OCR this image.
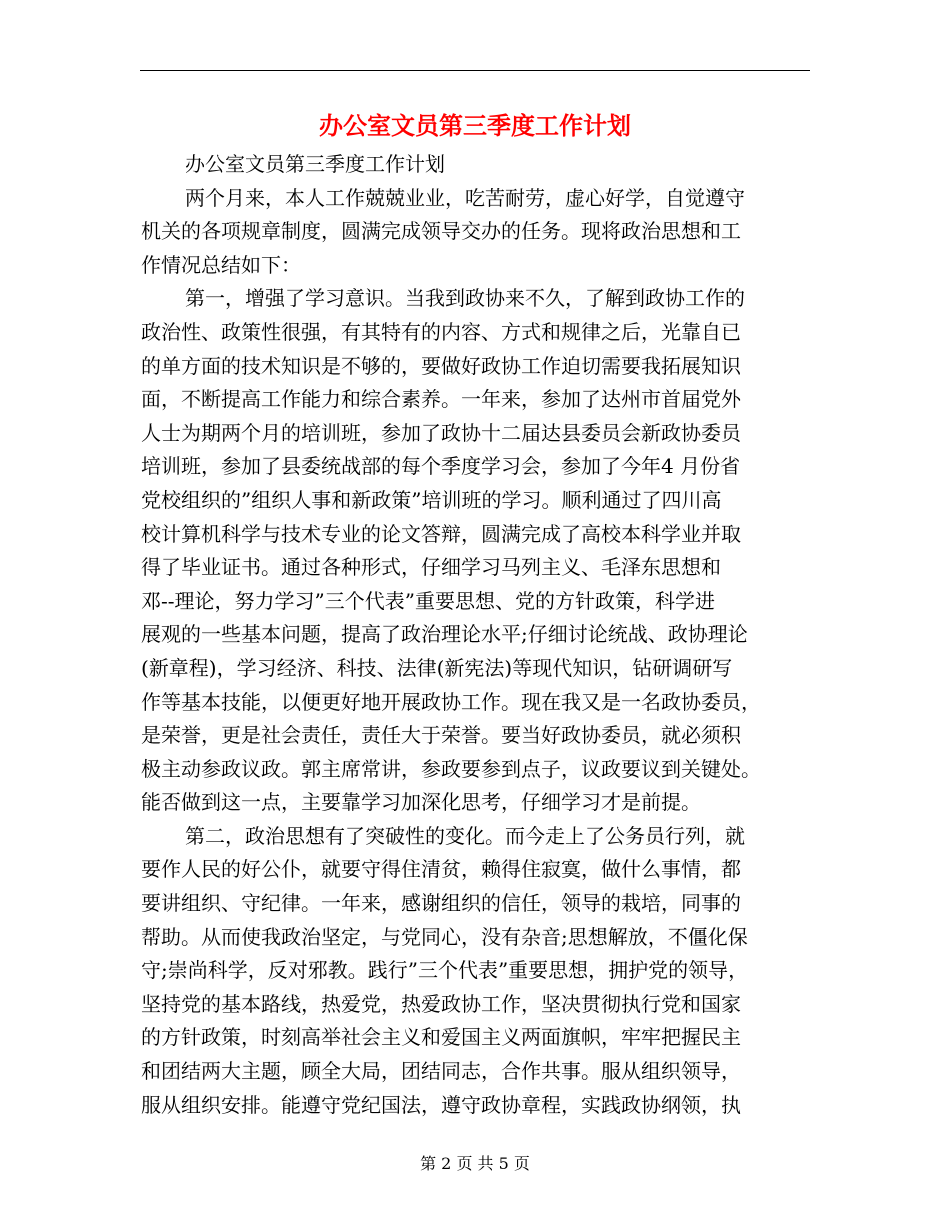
办公室文员第三季度工作计划
办公室文员第三季度工作计划
两个月来，本人工作兢兢业业，吃苦耐劳，虚心好学，自觉遵守
机关的各项规章制度，圆满完成领导交办的任务。现将政治思想和工
作情况总结如下：
第一，增强了学习意识。当我到政协来不久，了解到政协工作的
政治性、政策性很强，有其特有的内容、方式和规律之后，光靠自已
的单方面的技术知识是不够的，要做好政协工作迫切需要我拓展知识
面，不断提高工作能力和综合素养。一年来，参加了达州市首届党外
人士为期两个月的培训班，参加了政协十二届达县委员会新政协委员
培训班，参加了县委统战部的每个季度学习会，参加了今年4 月份省
党校组织的”组织人事和新政策”培训班的学习。顺利通过了四川高
校计算机科学与技术专业的论文答辩，圆满完成了高校本科学业并取
得了毕业证书。通过各种形式，仔细学习马列主义、毛泽东思想和
邓--理论，努力学习”三个代表”重要思想、党的方针政策，科学进
展观的一些基本问题，提高了政治理论水平;仔细讨论统战、政协理论
(新章程)，学习经济、科技、法律(新宪法)等现代知识，钻研调研写
作等基本技能，以便更好地开展政协工作。现在我又是一名政协委员，
是荣誉，更是社会责任，责任大于荣誉。要当好政协委员，就必须积
极主动参政议政。郭主席常讲，参政要参到点子，议政要议到关键处。
能否做到这一点，主要靠学习加深化思考，仔细学习才是前提。
第二，政治思想有了突破性的变化。而今走上了公务员行列，就
要作人民的好公仆，就要守得住清贫，赖得住寂寞，做什么事情，都
要讲组织、守纪律。一年来，感谢组织的信任，领导的栽培，同事的
帮助。从而使我政治坚定，与党同心，没有杂音;思想解放，不僵化保
守;崇尚科学，反对邪教。践行”三个代表”重要思想，拥护党的领导，
坚持党的基本路线，热爱党，热爱政协工作，坚决贯彻执行党和国家
的方针政策，时刻高举社会主义和爱国主义两面旗帜，牢牢把握民主
和团结两大主题，顾全大局，团结同志，合作共事。服从组织领导，
服从组织安排。能遵守党纪国法，遵守政协章程，实践政协纲领，执
第 2 页 共 5 页
